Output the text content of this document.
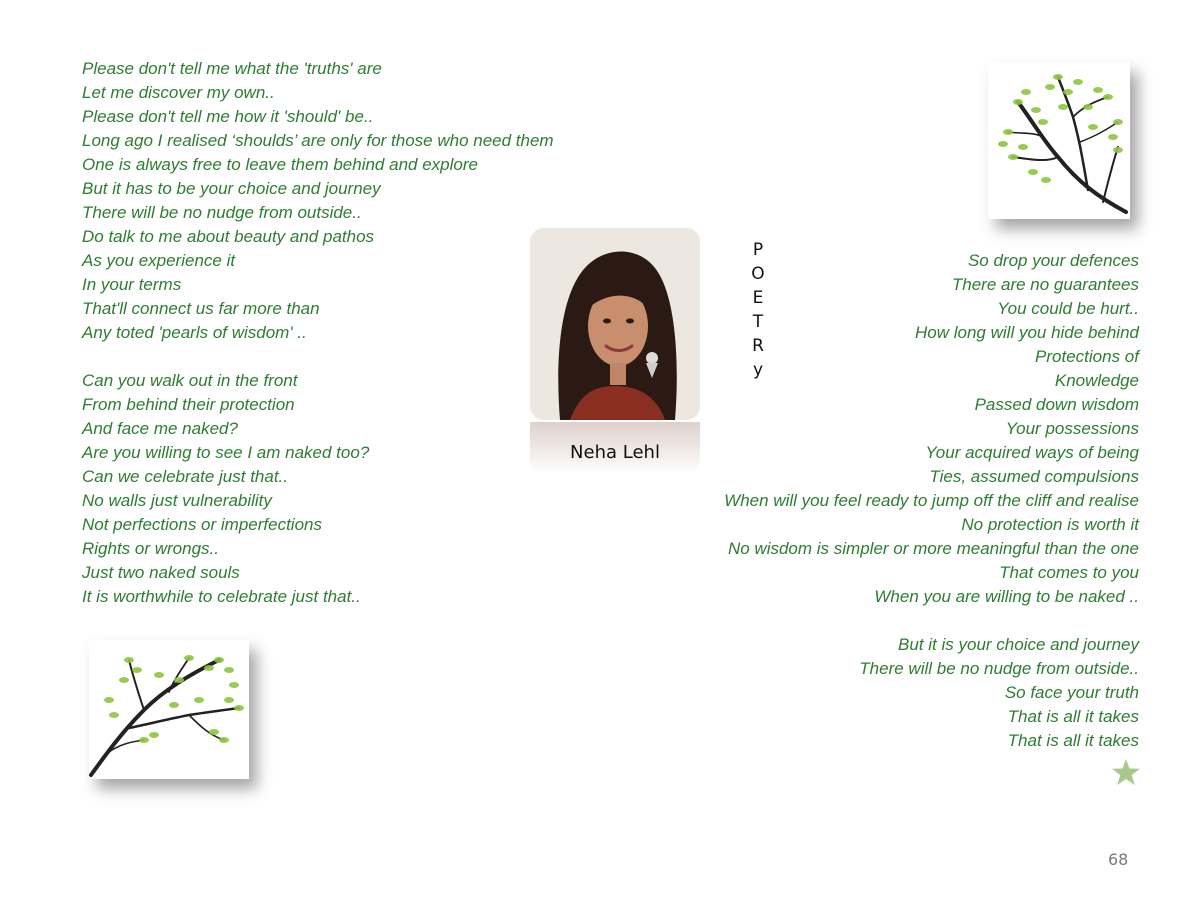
Please don't tell me what the 'truths' are
Let me discover my own..
Please don't tell me how it 'should' be..
Long ago I realised ‘shoulds’ are only for those who need them
One is always free to leave them behind and explore
But it has to be your choice and journey
There will be no nudge from outside..
Do talk to me about beauty and pathos
As you experience it
In your terms
That'll connect us far more than
Any toted 'pearls of wisdom' ..
Can you walk out in the front
From behind their protection
And face me naked?
Are you willing to see I am naked too?
Can we celebrate just that..
No walls just vulnerability
Not perfections or imperfections
Rights or wrongs..
Just two naked souls
It is worthwhile to celebrate just that..
So drop your defences
There are no guarantees
You could be hurt..
How long will you hide behind
Protections of
Knowledge
Passed down wisdom
Your possessions
Your acquired ways of being
Ties, assumed compulsions
When will you feel ready to jump off the cliff and realise
No protection is worth it
No wisdom is simpler or more meaningful than the one
That comes to you
When you are willing to be naked ..
But it is your choice and journey
There will be no nudge from outside..
So face your truth
That is all it takes
That is all it takes
Neha Lehl
P
O
E
T
R
y
68
